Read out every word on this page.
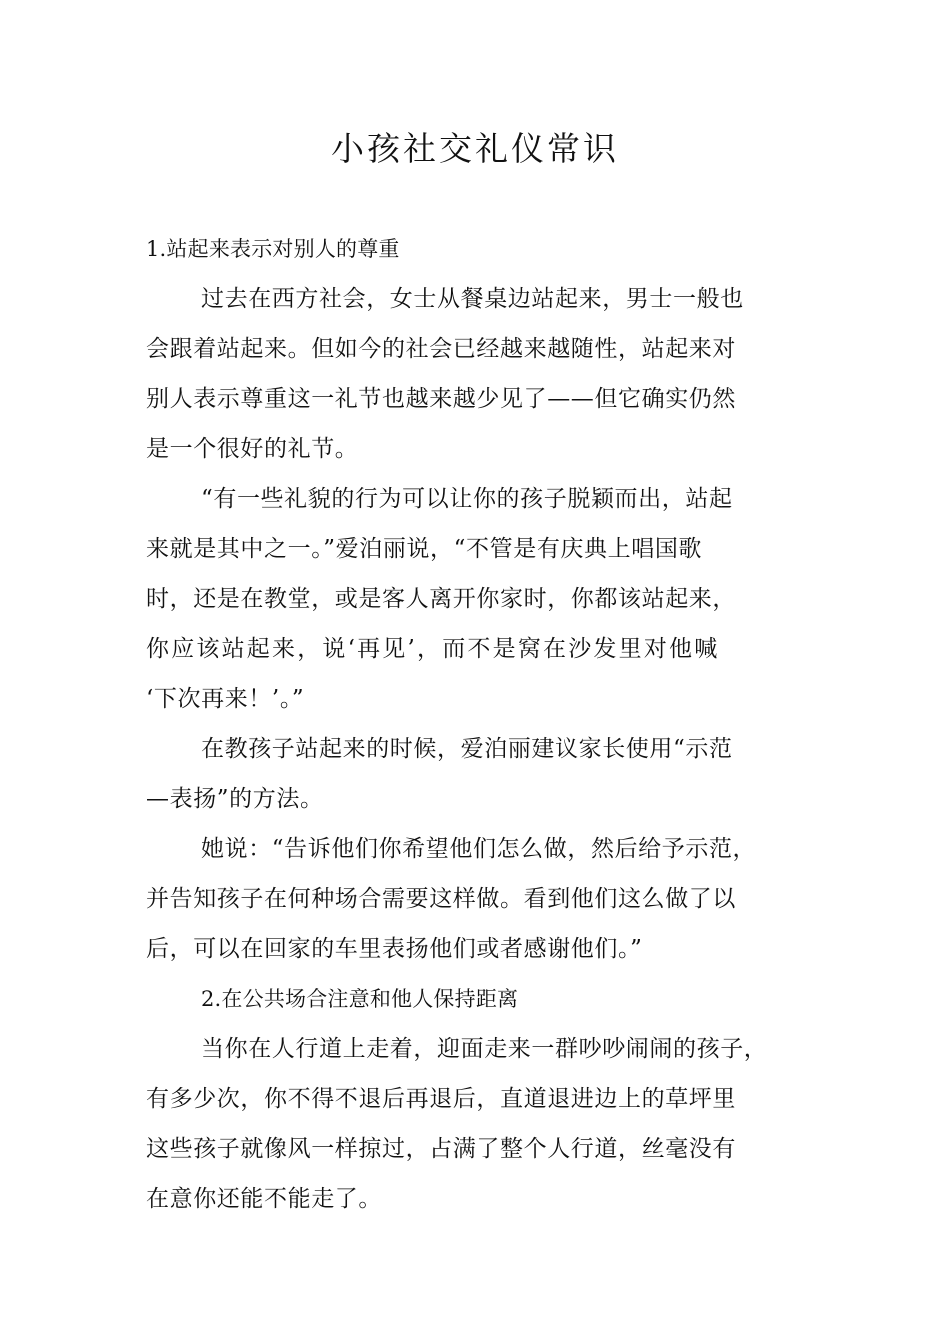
小孩社交礼仪常识
1.站起来表示对别人的尊重
过去在西方社会，女士从餐桌边站起来，男士一般也
会跟着站起来。但如今的社会已经越来越随性，站起来对
别人表示尊重这一礼节也越来越少见了——但它确实仍然
是一个很好的礼节。
“有一些礼貌的行为可以让你的孩子脱颖而出，站起
来就是其中之一。”爱泊丽说，“不管是有庆典上唱国歌
时，还是在教堂，或是客人离开你家时，你都该站起来，
你应该站起来，说‘再见’，而不是窝在沙发里对他喊
‘下次再来！’。”
在教孩子站起来的时候，爱泊丽建议家长使用“示范
—表扬”的方法。
她说：“告诉他们你希望他们怎么做，然后给予示范，
并告知孩子在何种场合需要这样做。看到他们这么做了以
后，可以在回家的车里表扬他们或者感谢他们。”
2.在公共场合注意和他人保持距离
当你在人行道上走着，迎面走来一群吵吵闹闹的孩子，
有多少次，你不得不退后再退后，直道退进边上的草坪里
这些孩子就像风一样掠过，占满了整个人行道，丝毫没有
在意你还能不能走了。
